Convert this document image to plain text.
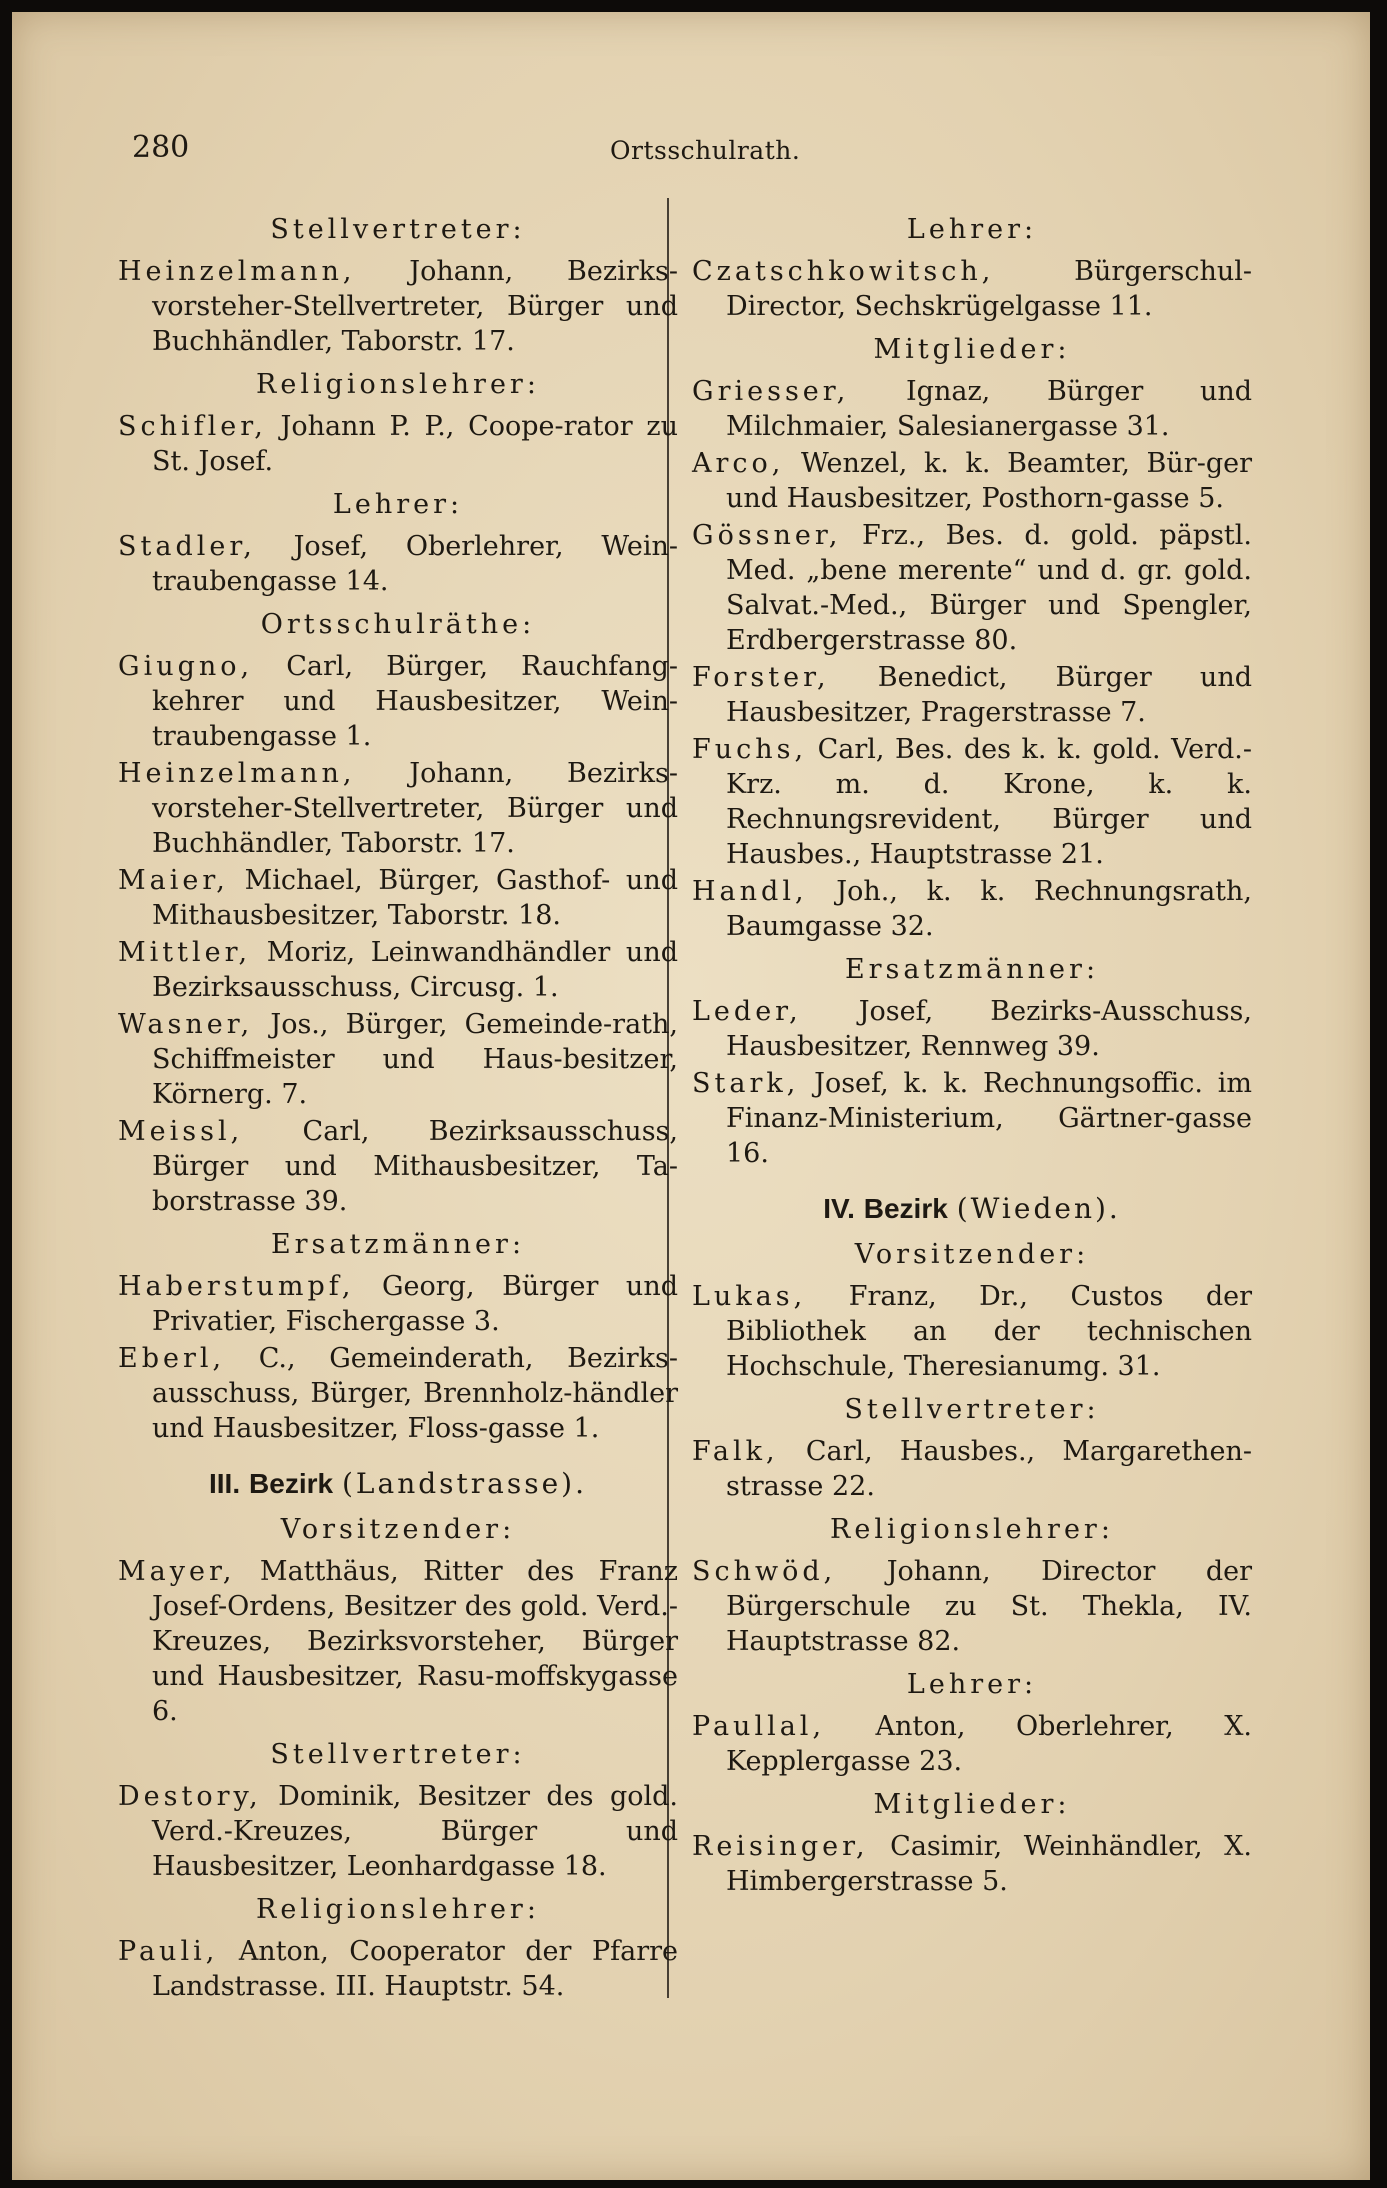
280	Ortsschulrath.

Stellvertreter:
Heinzelmann, Johann, Bezirks-vorsteher-Stellvertreter, Bürger und Buchhändler, Taborstr. 17.
Religionslehrer:
Schifler, Johann P. P., Coope-rator zu St. Josef.
Lehrer:
Stadler, Josef, Oberlehrer, Wein-traubengasse 14.
Ortsschulräthe:
Giugno, Carl, Bürger, Rauchfang-kehrer und Hausbesitzer, Wein-traubengasse 1.
Heinzelmann, Johann, Bezirks-vorsteher-Stellvertreter, Bürger und Buchhändler, Taborstr. 17.
Maier, Michael, Bürger, Gasthof- und Mithausbesitzer, Taborstr. 18.
Mittler, Moriz, Leinwandhändler und Bezirksausschuss, Circusg. 1.
Wasner, Jos., Bürger, Gemeinde-rath, Schiffmeister und Haus-besitzer, Körnerg. 7.
Meissl, Carl, Bezirksausschuss, Bürger und Mithausbesitzer, Ta-borstrasse 39.
Ersatzmänner:
Haberstumpf, Georg, Bürger und Privatier, Fischergasse 3.
Eberl, C., Gemeinderath, Bezirks-ausschuss, Bürger, Brennholz-händler und Hausbesitzer, Floss-gasse 1.
III. Bezirk (Landstrasse).
Vorsitzender:
Mayer, Matthäus, Ritter des Franz Josef-Ordens, Besitzer des gold. Verd.-Kreuzes, Bezirksvorsteher, Bürger und Hausbesitzer, Rasu-moffskygasse 6.
Stellvertreter:
Destory, Dominik, Besitzer des gold. Verd.-Kreuzes, Bürger und Hausbesitzer, Leonhardgasse 18.
Religionslehrer:
Pauli, Anton, Cooperator der Pfarre Landstrasse. III. Hauptstr. 54.
Lehrer:
Czatschkowitsch, Bürgerschul-Director, Sechskrügelgasse 11.
Mitglieder:
Griesser, Ignaz, Bürger und Milchmaier, Salesianergasse 31.
Arco, Wenzel, k. k. Beamter, Bür-ger und Hausbesitzer, Posthorn-gasse 5.
Gössner, Frz., Bes. d. gold. päpstl. Med. „bene merente“ und d. gr. gold. Salvat.-Med., Bürger und Spengler, Erdbergerstrasse 80.
Forster, Benedict, Bürger und Hausbesitzer, Pragerstrasse 7.
Fuchs, Carl, Bes. des k. k. gold. Verd.-Krz. m. d. Krone, k. k. Rechnungsrevident, Bürger und Hausbes., Hauptstrasse 21.
Handl, Joh., k. k. Rechnungsrath, Baumgasse 32.
Ersatzmänner:
Leder, Josef, Bezirks-Ausschuss, Hausbesitzer, Rennweg 39.
Stark, Josef, k. k. Rechnungsoffic. im Finanz-Ministerium, Gärtner-gasse 16.
IV. Bezirk (Wieden).
Vorsitzender:
Lukas, Franz, Dr., Custos der Bibliothek an der technischen Hochschule, Theresianumg. 31.
Stellvertreter:
Falk, Carl, Hausbes., Margarethen-strasse 22.
Religionslehrer:
Schwöd, Johann, Director der Bürgerschule zu St. Thekla, IV. Hauptstrasse 82.
Lehrer:
Paullal, Anton, Oberlehrer, X. Kepplergasse 23.
Mitglieder:
Reisinger, Casimir, Weinhändler, X. Himbergerstrasse 5.
